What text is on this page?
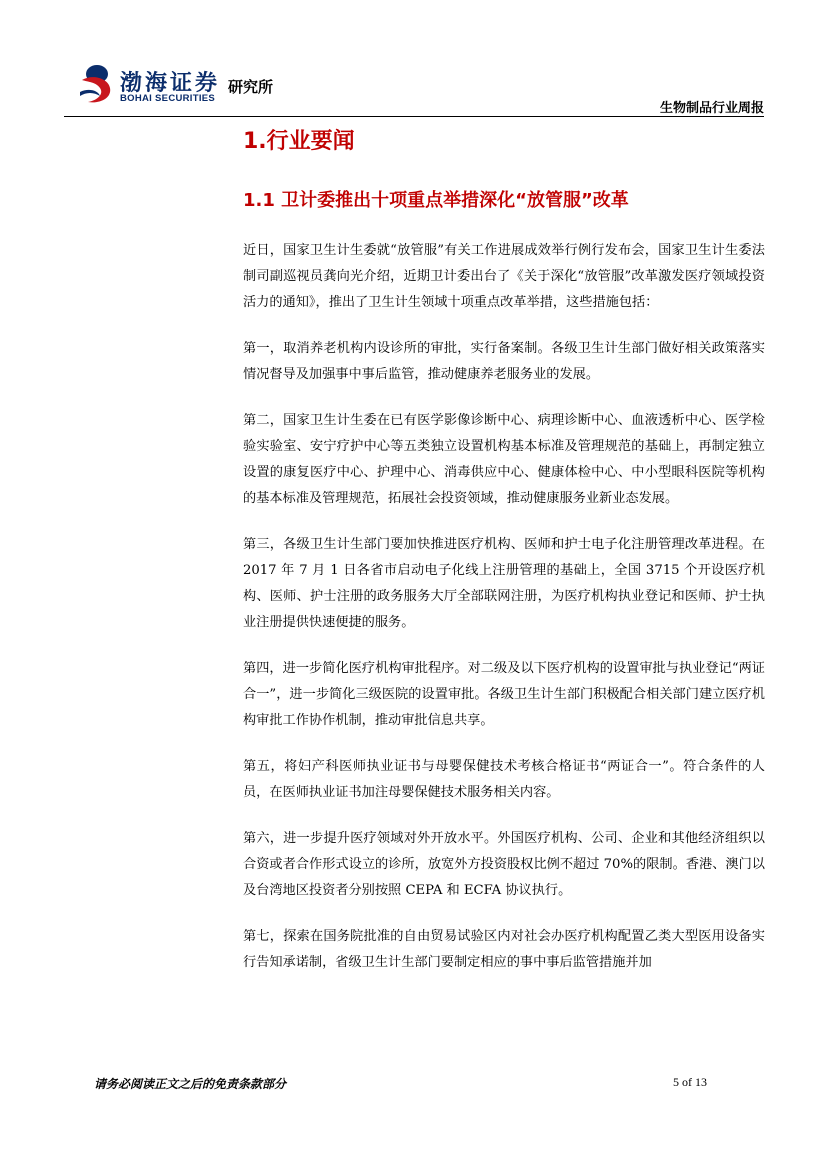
渤海证券
BOHAI SECURITIES
研究所
生物制品行业周报
1.行业要闻
1.1 卫计委推出十项重点举措深化“放管服”改革

近日，国家卫生计生委就“放管服”有关工作进展成效举行例行发布会，国家卫生计生委法制司副巡视员龚向光介绍，近期卫计委出台了《关于深化“放管服”改革激发医疗领域投资活力的通知》，推出了卫生计生领域十项重点改革举措，这些措施包括：

第一，取消养老机构内设诊所的审批，实行备案制。各级卫生计生部门做好相关政策落实情况督导及加强事中事后监管，推动健康养老服务业的发展。

第二，国家卫生计生委在已有医学影像诊断中心、病理诊断中心、血液透析中心、医学检验实验室、安宁疗护中心等五类独立设置机构基本标准及管理规范的基础上，再制定独立设置的康复医疗中心、护理中心、消毒供应中心、健康体检中心、中小型眼科医院等机构的基本标准及管理规范，拓展社会投资领域，推动健康服务业新业态发展。

第三，各级卫生计生部门要加快推进医疗机构、医师和护士电子化注册管理改革进程。在 2017 年 7 月 1 日各省市启动电子化线上注册管理的基础上，全国 3715 个开设医疗机构、医师、护士注册的政务服务大厅全部联网注册，为医疗机构执业登记和医师、护士执业注册提供快速便捷的服务。

第四，进一步简化医疗机构审批程序。对二级及以下医疗机构的设置审批与执业登记“两证合一”，进一步简化三级医院的设置审批。各级卫生计生部门积极配合相关部门建立医疗机构审批工作协作机制，推动审批信息共享。

第五，将妇产科医师执业证书与母婴保健技术考核合格证书“两证合一”。符合条件的人员，在医师执业证书加注母婴保健技术服务相关内容。

第六，进一步提升医疗领域对外开放水平。外国医疗机构、公司、企业和其他经济组织以合资或者合作形式设立的诊所，放宽外方投资股权比例不超过 70%的限制。香港、澳门以及台湾地区投资者分别按照 CEPA 和 ECFA 协议执行。

第七，探索在国务院批准的自由贸易试验区内对社会办医疗机构配置乙类大型医用设备实行告知承诺制，省级卫生计生部门要制定相应的事中事后监管措施并加

请务必阅读正文之后的免责条款部分	5 of 13
